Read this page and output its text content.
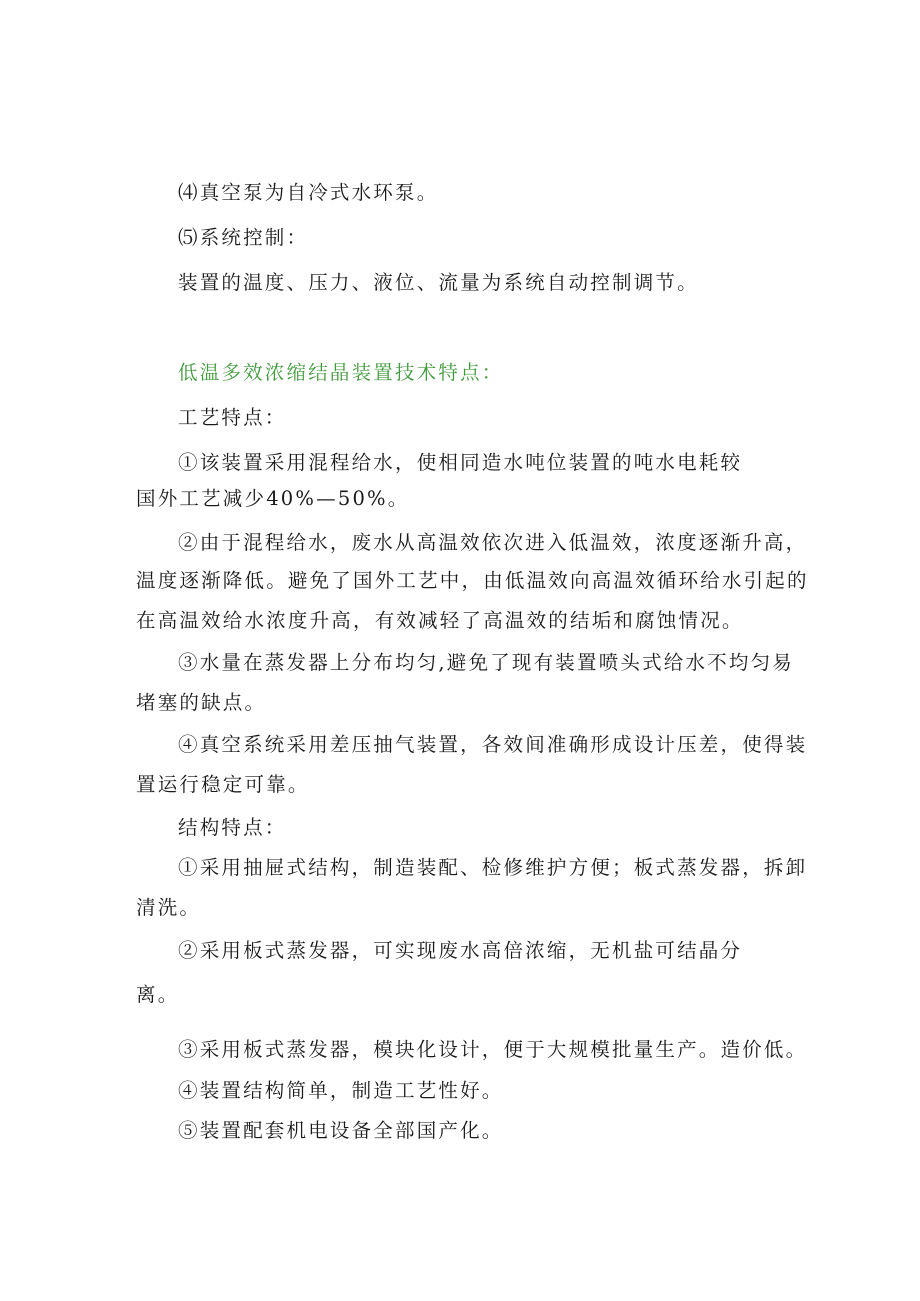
⑷真空泵为自冷式水环泵。

⑸系统控制：

装置的温度、压力、液位、流量为系统自动控制调节。

低温多效浓缩结晶装置技术特点：

工艺特点：

①该装置采用混程给水，使相同造水吨位装置的吨水电耗较

国外工艺减少40%—50%。

②由于混程给水，废水从高温效依次进入低温效，浓度逐渐升高，

温度逐渐降低。避免了国外工艺中，由低温效向高温效循环给水引起的

在高温效给水浓度升高，有效减轻了高温效的结垢和腐蚀情况。

③水量在蒸发器上分布均匀,避免了现有装置喷头式给水不均匀易

堵塞的缺点。

④真空系统采用差压抽气装置，各效间准确形成设计压差，使得装

置运行稳定可靠。

结构特点：

①采用抽屉式结构，制造装配、检修维护方便；板式蒸发器，拆卸

清洗。

②采用板式蒸发器，可实现废水高倍浓缩，无机盐可结晶分

离。

③采用板式蒸发器，模块化设计，便于大规模批量生产。造价低。

④装置结构简单，制造工艺性好。

⑤装置配套机电设备全部国产化。
